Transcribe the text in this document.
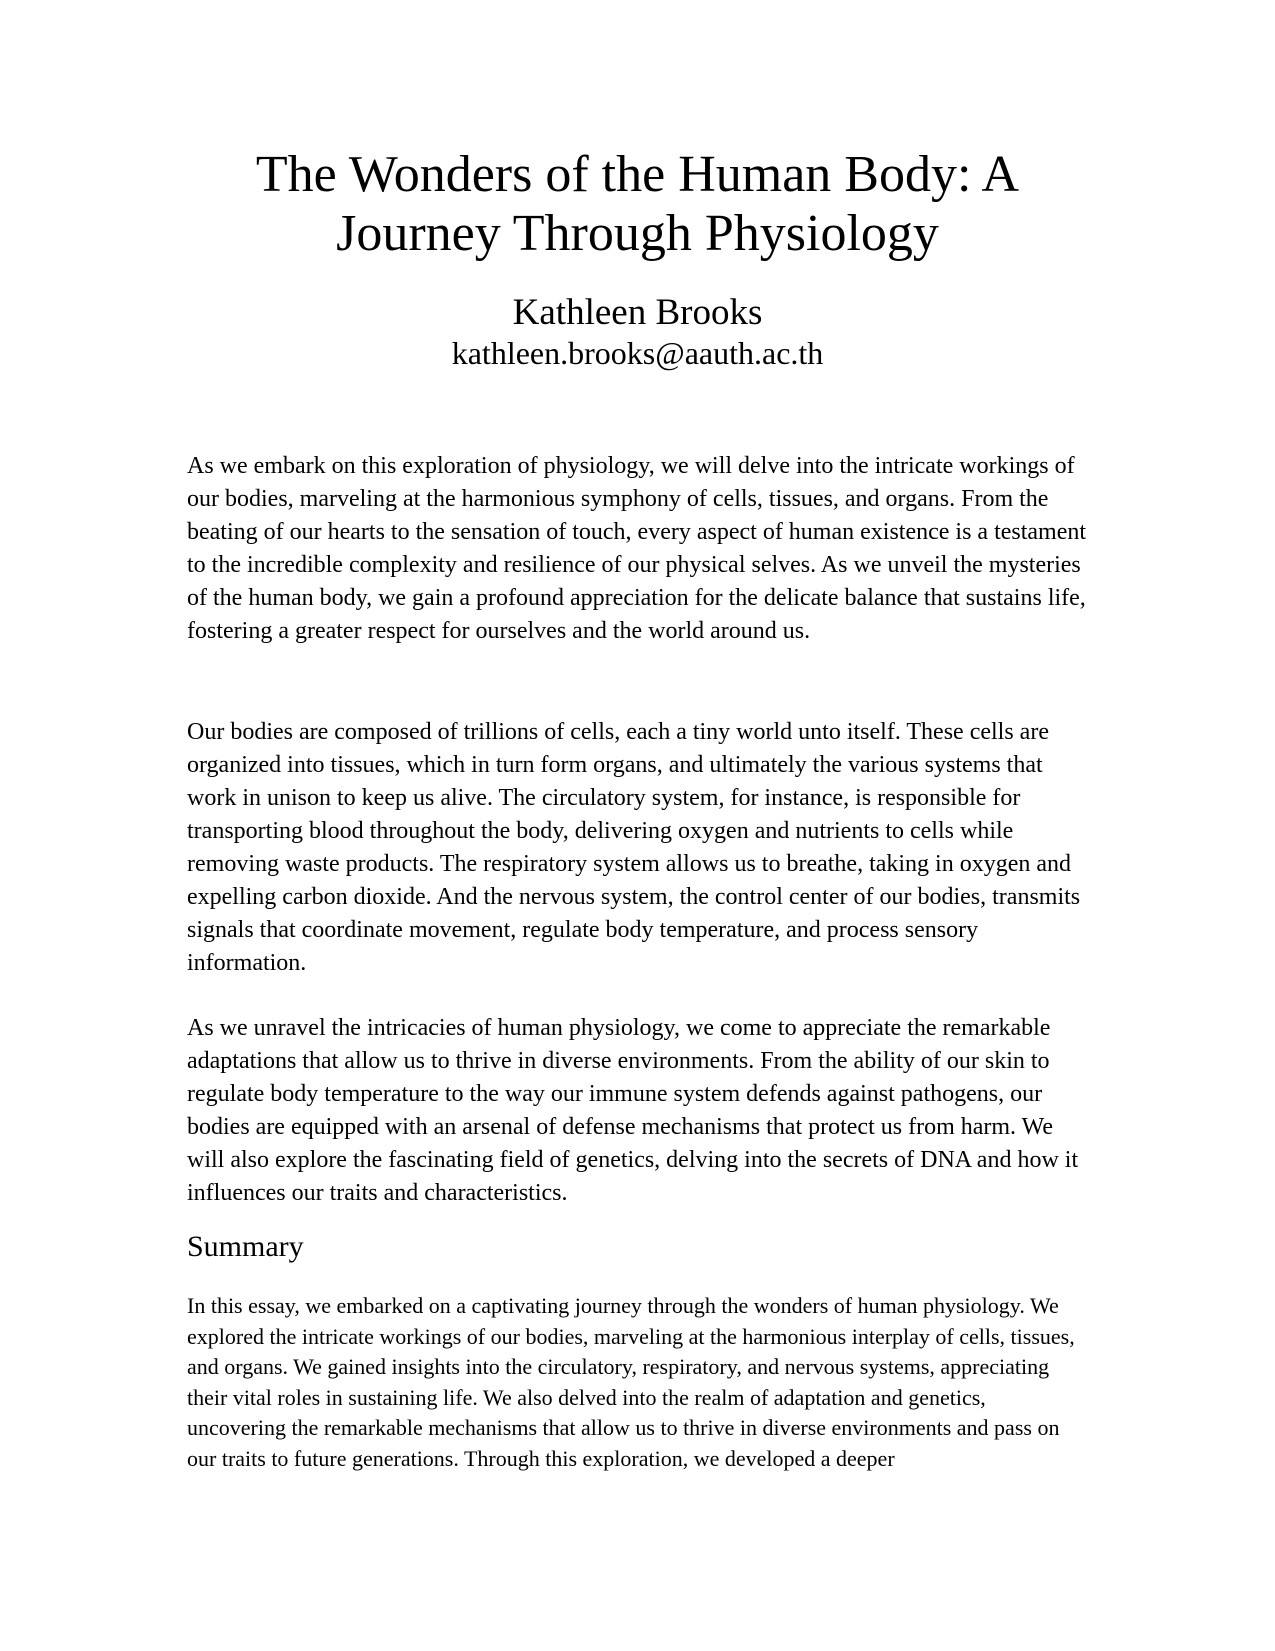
The Wonders of the Human Body: A Journey Through Physiology
Kathleen Brooks
kathleen.brooks@aauth.ac.th

As we embark on this exploration of physiology, we will delve into the intricate workings of our bodies, marveling at the harmonious symphony of cells, tissues, and organs. From the beating of our hearts to the sensation of touch, every aspect of human existence is a testament to the incredible complexity and resilience of our physical selves. As we unveil the mysteries of the human body, we gain a profound appreciation for the delicate balance that sustains life, fostering a greater respect for ourselves and the world around us.

Our bodies are composed of trillions of cells, each a tiny world unto itself. These cells are organized into tissues, which in turn form organs, and ultimately the various systems that work in unison to keep us alive. The circulatory system, for instance, is responsible for transporting blood throughout the body, delivering oxygen and nutrients to cells while removing waste products. The respiratory system allows us to breathe, taking in oxygen and expelling carbon dioxide. And the nervous system, the control center of our bodies, transmits signals that coordinate movement, regulate body temperature, and process sensory information.

As we unravel the intricacies of human physiology, we come to appreciate the remarkable adaptations that allow us to thrive in diverse environments. From the ability of our skin to regulate body temperature to the way our immune system defends against pathogens, our bodies are equipped with an arsenal of defense mechanisms that protect us from harm. We will also explore the fascinating field of genetics, delving into the secrets of DNA and how it influences our traits and characteristics.

Summary

In this essay, we embarked on a captivating journey through the wonders of human physiology. We explored the intricate workings of our bodies, marveling at the harmonious interplay of cells, tissues, and organs. We gained insights into the circulatory, respiratory, and nervous systems, appreciating their vital roles in sustaining life. We also delved into the realm of adaptation and genetics, uncovering the remarkable mechanisms that allow us to thrive in diverse environments and pass on our traits to future generations. Through this exploration, we developed a deeper
